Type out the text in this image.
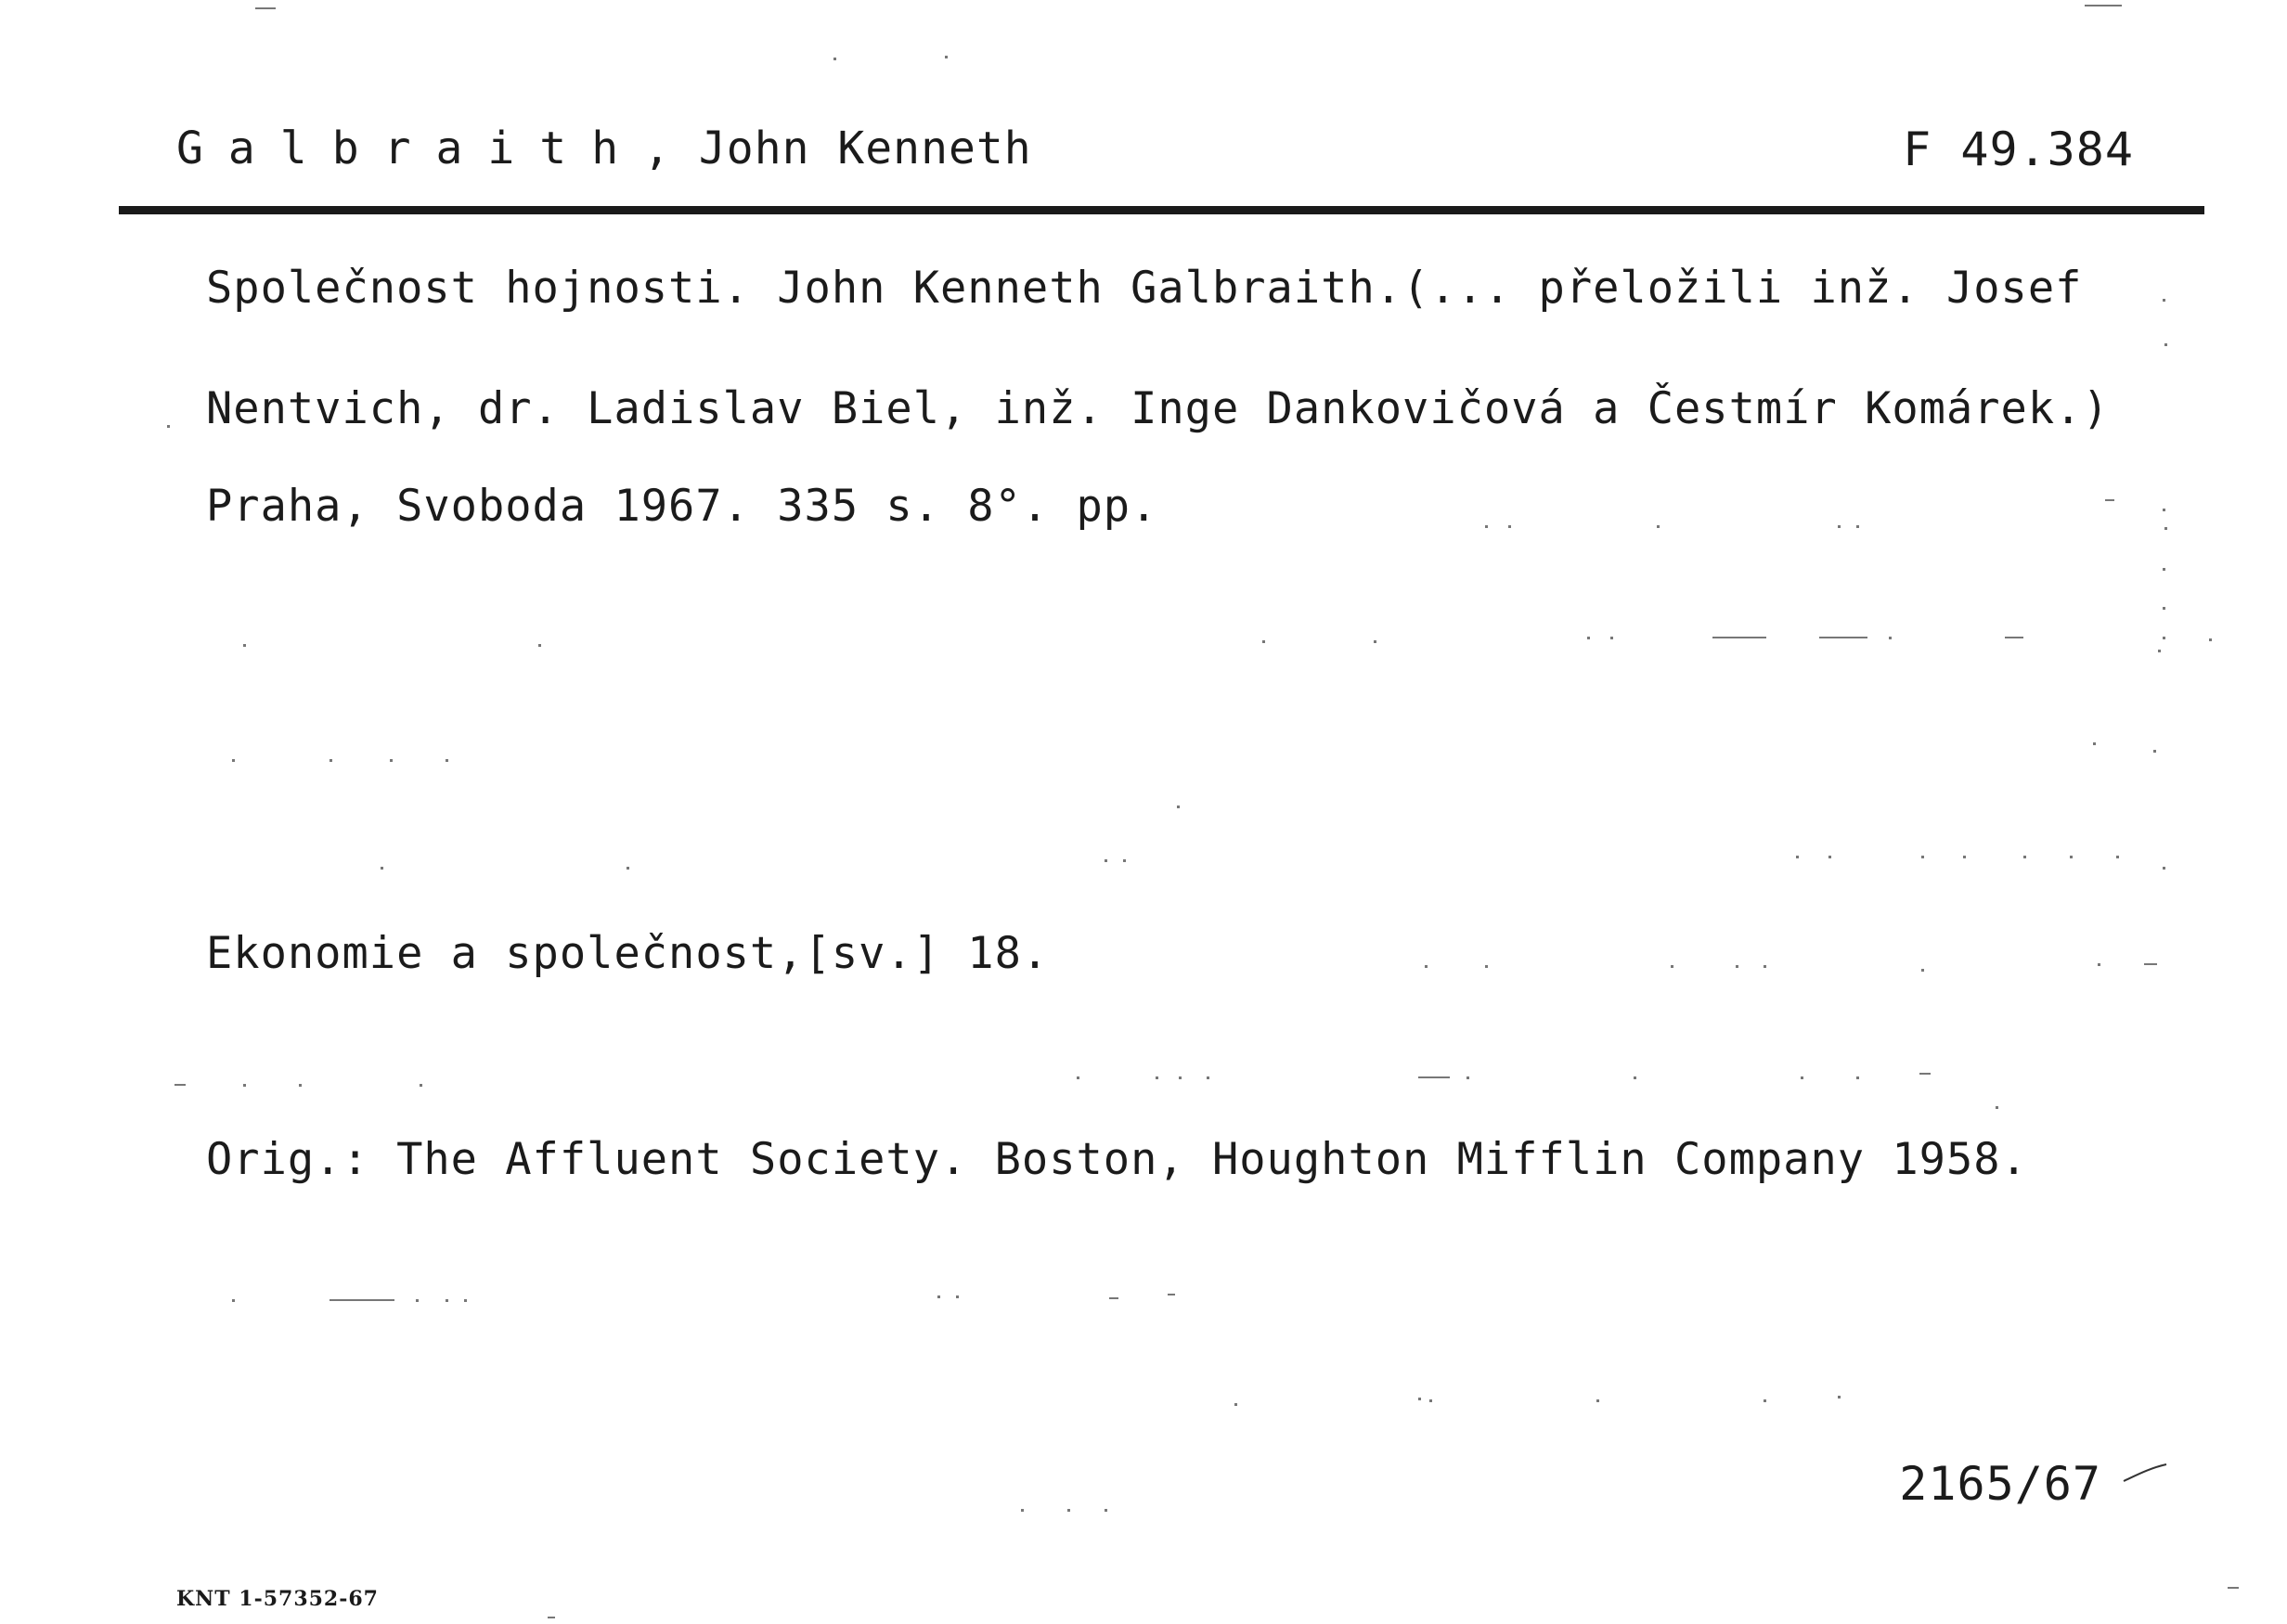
Galbraith, John Kenneth	F 49.384
Společnost hojnosti. John Kenneth Galbraith.(... přeložili inž. Josef
Nentvich, dr. Ladislav Biel, inž. Inge Dankovičová a Čestmír Komárek.)
Praha, Svoboda 1967. 335 s. 8°. pp.
Ekonomie a společnost,[sv.] 18.
Orig.: The Affluent Society. Boston, Houghton Mifflin Company 1958.
2165/67
KNT 1-57352-67
